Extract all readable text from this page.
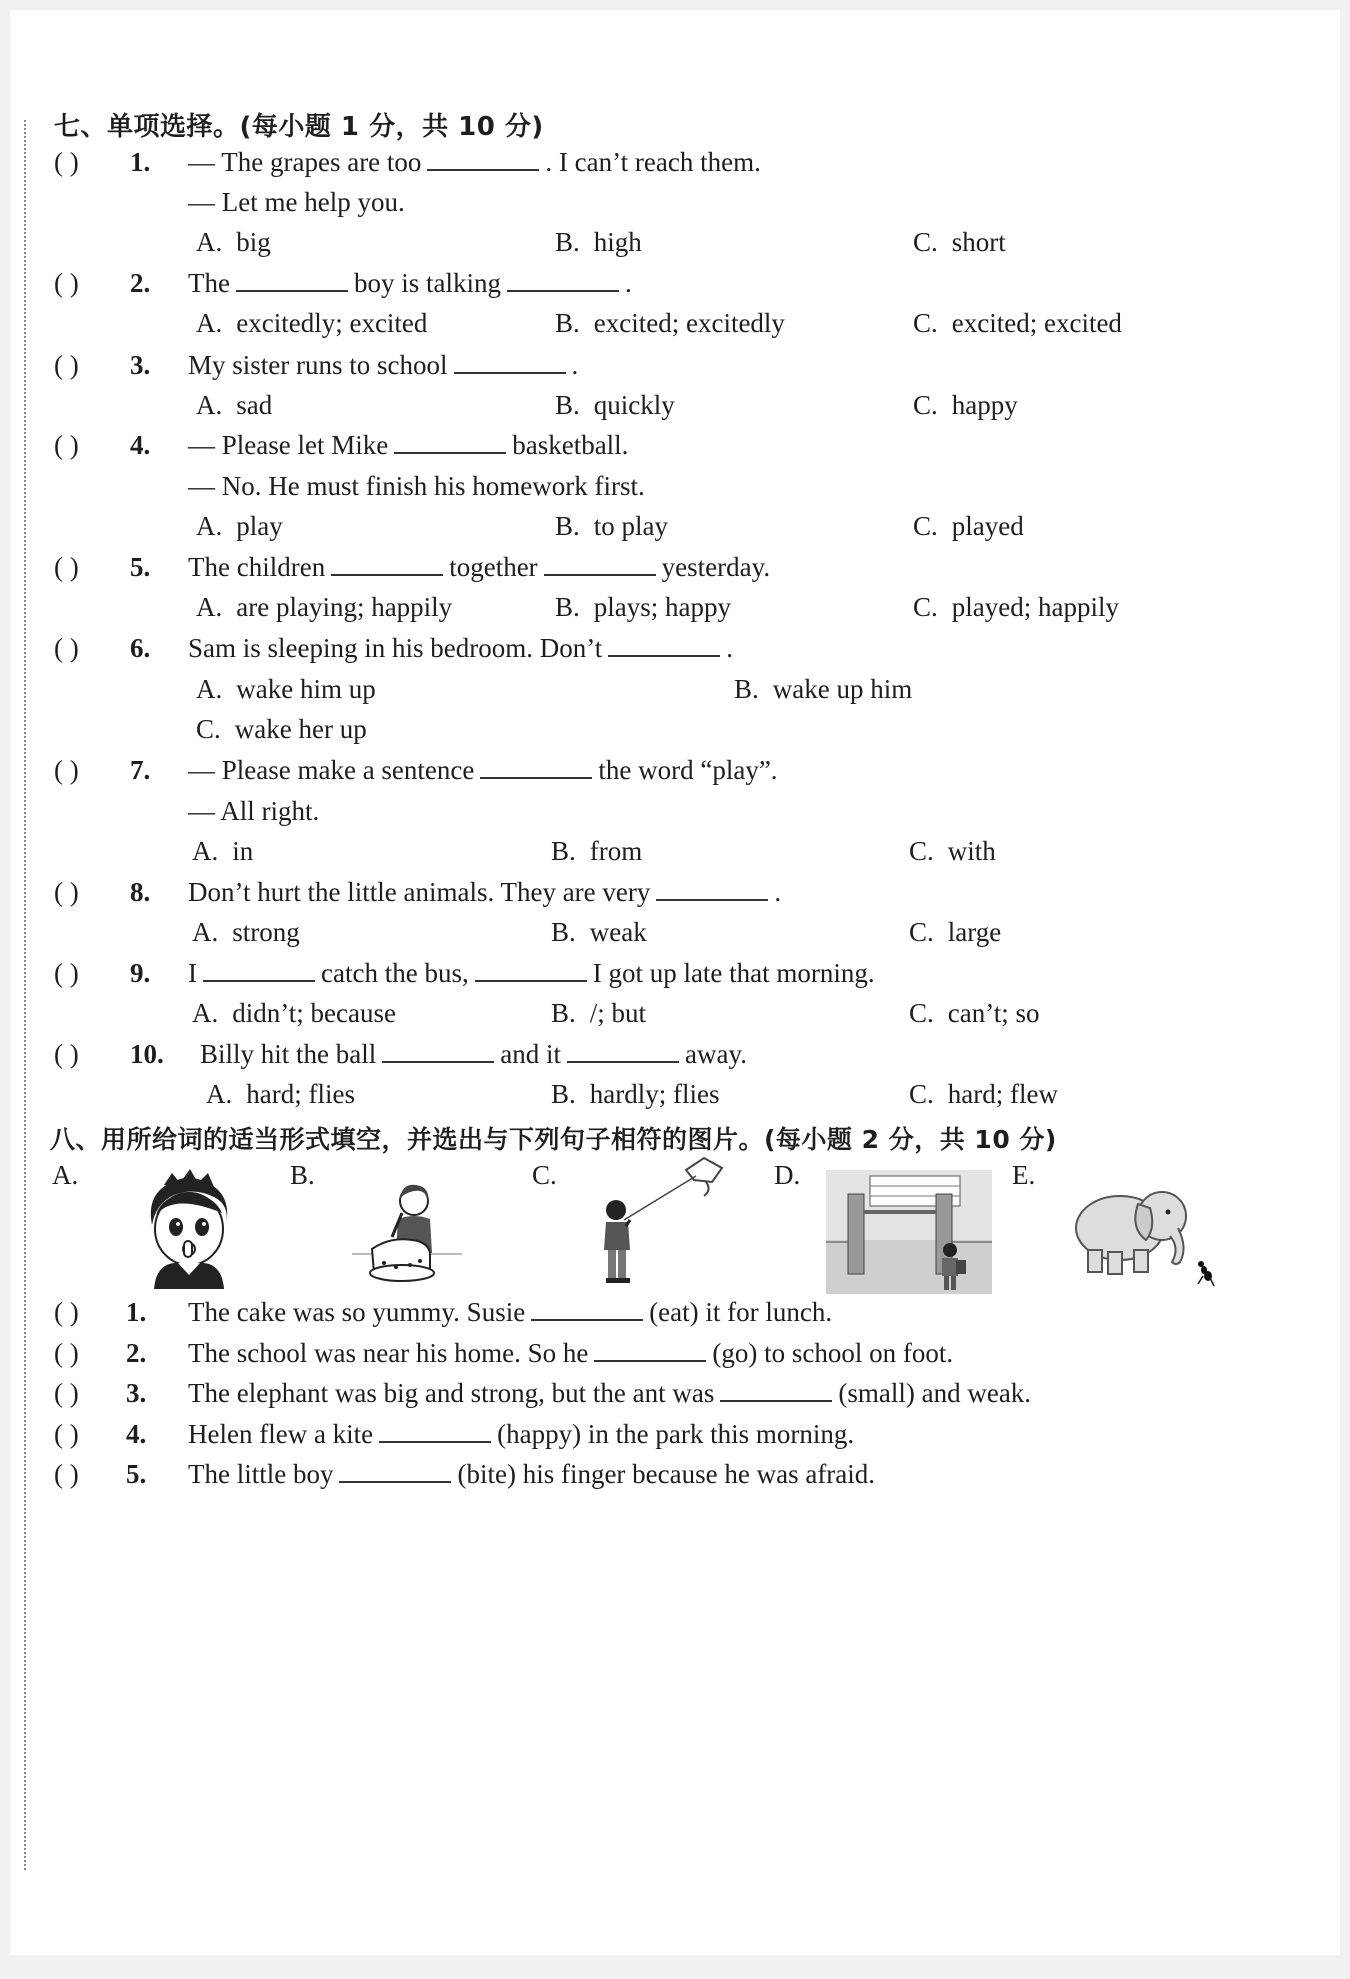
七、单项选择。(每小题 1 分，共 10 分)
( ) 1. — The grapes are too	. I can’t reach them.
— Let me help you.
A. big	B. high	C. short
( ) 2. The	boy is talking	.
A. excitedly; excited	B. excited; excitedly	C. excited; excited
( ) 3. My sister runs to school	.
A. sad	B. quickly	C. happy
( ) 4. — Please let Mike	basketball.
— No. He must finish his homework first.
A. play	B. to play	C. played
( ) 5. The children	together	yesterday.
A. are playing; happily	B. plays; happy	C. played; happily
( ) 6. Sam is sleeping in his bedroom. Don’t	.
A. wake him up	B. wake up him
C. wake her up
( ) 7. — Please make a sentence	the word “play”.
— All right.
A. in	B. from	C. with
( ) 8. Don’t hurt the little animals. They are very	.
A. strong	B. weak	C. large
( ) 9. I	catch the bus,	I got up late that morning.
A. didn’t; because	B. /; but	C. can’t; so
( ) 10. Billy hit the ball	and it	away.
A. hard; flies	B. hardly; flies	C. hard; flew
八、用所给词的适当形式填空，并选出与下列句子相符的图片。(每小题 2 分，共 10 分)
A.	B.	C.	D.	E.
( ) 1. The cake was so yummy. Susie	(eat) it for lunch.
( ) 2. The school was near his home. So he	(go) to school on foot.
( ) 3. The elephant was big and strong, but the ant was	(small) and weak.
( ) 4. Helen flew a kite	(happy) in the park this morning.
( ) 5. The little boy	(bite) his finger because he was afraid.
